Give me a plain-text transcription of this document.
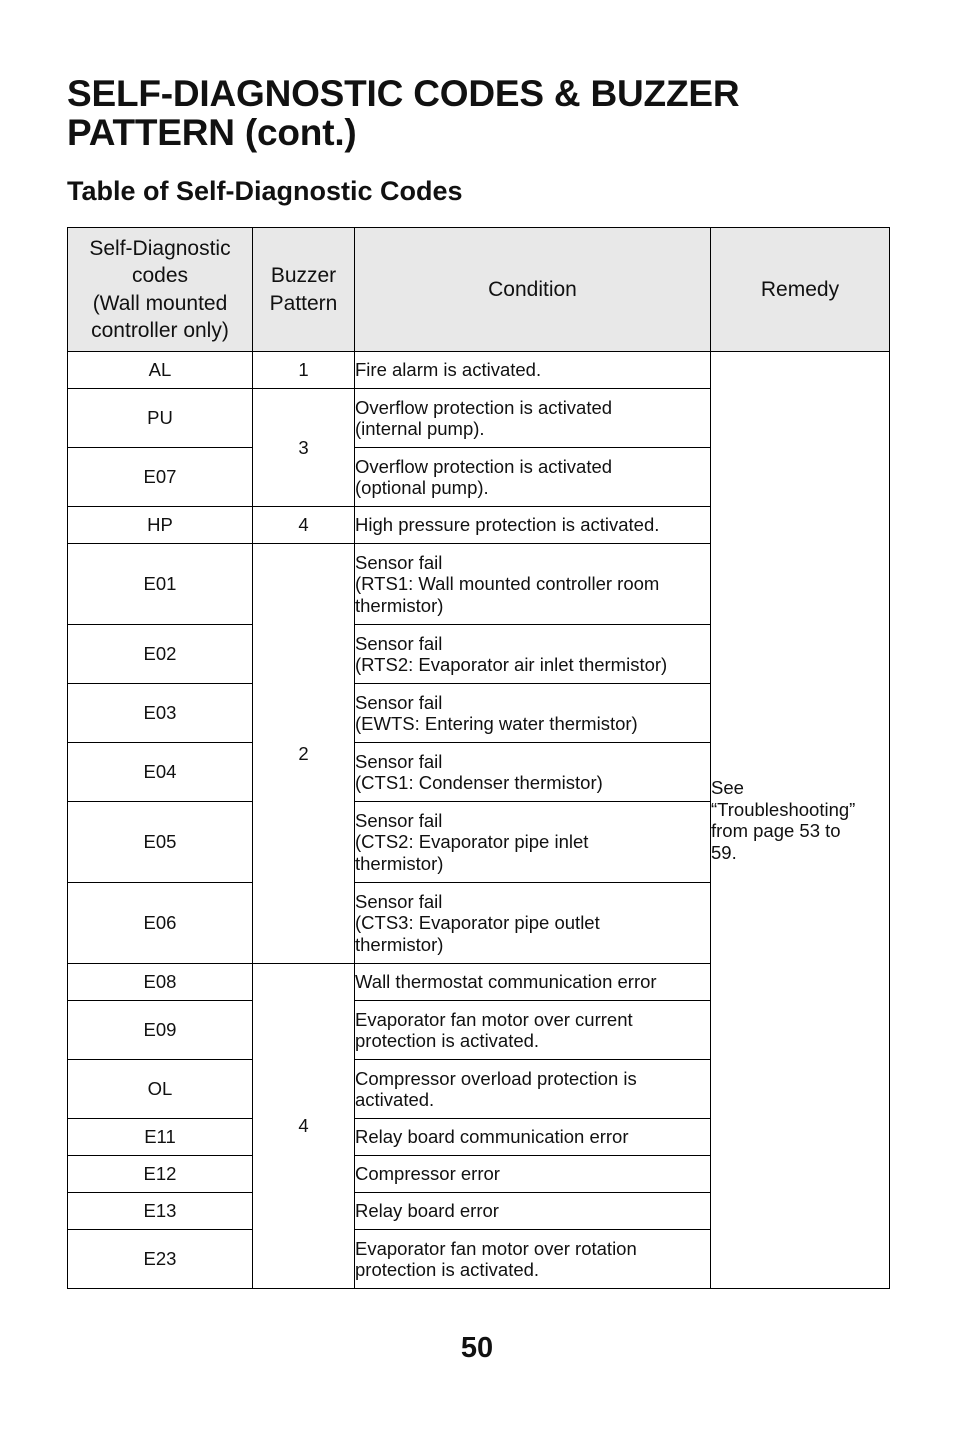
SELF-DIAGNOSTIC CODES & BUZZER PATTERN (cont.)
Table of Self-Diagnostic Codes
Self-Diagnostic
codes
(Wall mounted
controller only)	Buzzer
Pattern	Condition	Remedy
AL	1	Fire alarm is activated.	See
“Troubleshooting”
from page 53 to
59.
PU	3	Overflow protection is activated
(internal pump).	
E07		Overflow protection is activated
(optional pump).	
HP	4	High pressure protection is activated.	
E01	2	Sensor fail
(RTS1: Wall mounted controller room
thermistor)	
E02		Sensor fail
(RTS2: Evaporator air inlet thermistor)	
E03		Sensor fail
(EWTS: Entering water thermistor)	
E04		Sensor fail
(CTS1: Condenser thermistor)	
E05		Sensor fail
(CTS2: Evaporator pipe inlet
thermistor)	
E06		Sensor fail
(CTS3: Evaporator pipe outlet
thermistor)	
E08	4	Wall thermostat communication error	
E09		Evaporator fan motor over current
protection is activated.	
OL		Compressor overload protection is
activated.	
E11		Relay board communication error	
E12		Compressor error	
E13		Relay board error	
E23		Evaporator fan motor over rotation
protection is activated.	
50
